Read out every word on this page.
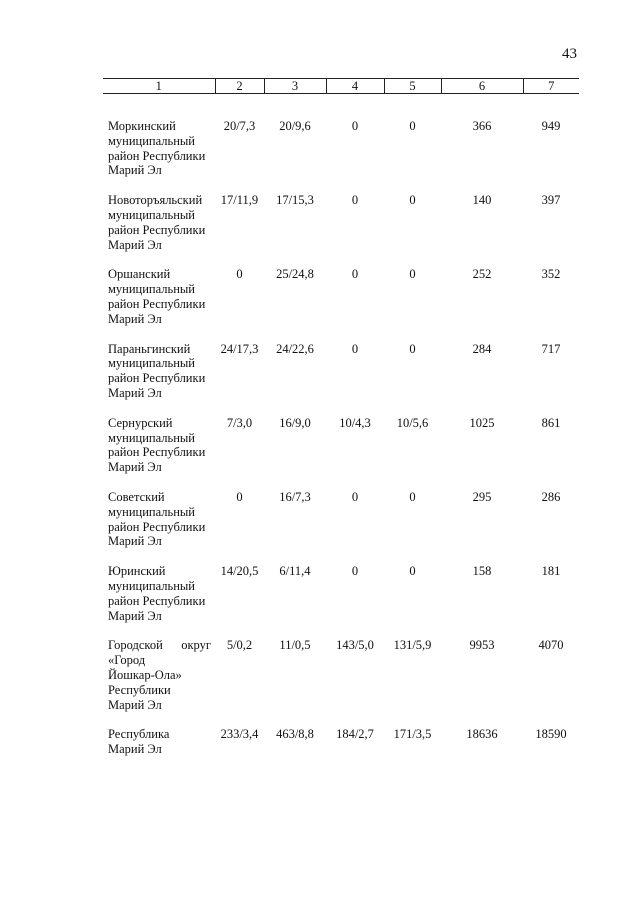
43
1	2	3	4	5	6	7

Моркинский
муниципальный
район Республики
Марий Эл	20/7,3	20/9,6	0	0	366	949

Новоторъяльский
муниципальный
район Республики
Марий Эл	17/11,9	17/15,3	0	0	140	397

Оршанский
муниципальный
район Республики
Марий Эл	0	25/24,8	0	0	252	352

Параньгинский
муниципальный
район Республики
Марий Эл	24/17,3	24/22,6	0	0	284	717

Сернурский
муниципальный
район Республики
Марий Эл	7/3,0	16/9,0	10/4,3	10/5,6	1025	861

Советский
муниципальный
район Республики
Марий Эл	0	16/7,3	0	0	295	286

Юринский
муниципальный
район Республики
Марий Эл	14/20,5	6/11,4	0	0	158	181

Городской округ
«Город
Йошкар-Ола»
Республики
Марий Эл	5/0,2	11/0,5	143/5,0	131/5,9	9953	4070

Республика
Марий Эл	233/3,4	463/8,8	184/2,7	171/3,5	18636	18590
